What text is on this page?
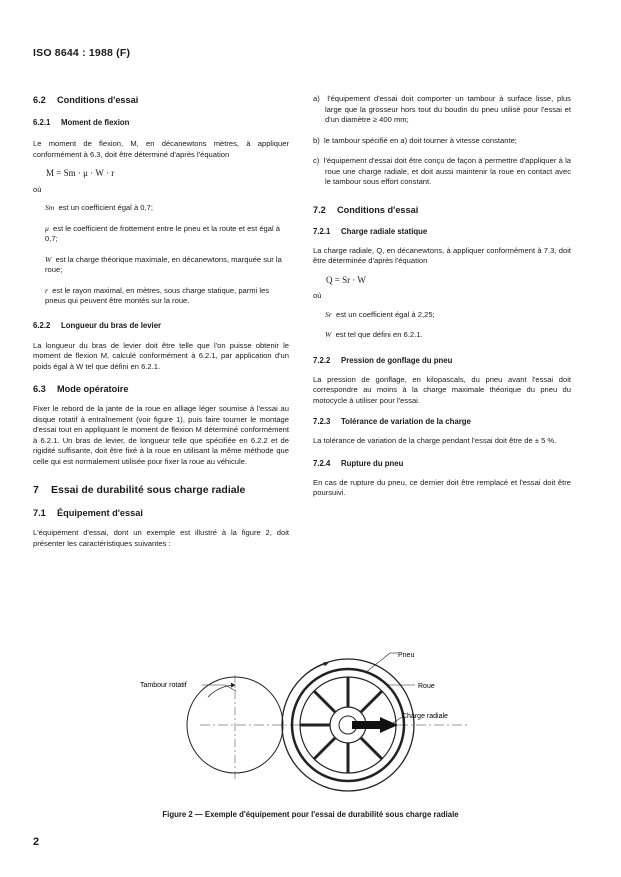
ISO 8644 : 1988 (F)
6.2 Conditions d'essai
6.2.1 Moment de flexion

Le moment de flexion, M, en décanewtons mètres, à appliquer conformément à 6.3, doit être déterminé d'après l'équation

M = Sm · μ · W · r
où
Sm est un coefficient égal à 0,7;
μ est le coefficient de frottement entre le pneu et la route et est égal à 0,7;
W est la charge théorique maximale, en décanewtons, marquée sur la roue;
r est le rayon maximal, en mètres, sous charge statique, parmi les pneus qui peuvent être montés sur la roue.
6.2.2 Longueur du bras de levier

La longueur du bras de levier doit être telle que l'on puisse obtenir le moment de flexion M, calculé conformément à 6.2.1, par application d'un poids égal à W tel que défini en 6.2.1.

6.3 Mode opératoire

Fixer le rebord de la jante de la roue en alliage léger soumise à l'essai au disque rotatif à entraînement (voir figure 1), puis faire tourner le montage d'essai tout en appliquant le moment de flexion M déterminé conformément à 6.2.1. Un bras de levier, de longueur telle que spécifiée en 6.2.2 et de rigidité suffisante, doit être fixé à la roue en utilisant la même méthode que celle qui est normalement utilisée pour fixer la roue au véhicule.

7 Essai de durabilité sous charge radiale
7.1 Équipement d'essai

L'équipement d'essai, dont un exemple est illustré à la figure 2, doit présenter les caractéristiques suivantes :

a) l'équipement d'essai doit comporter un tambour à surface lisse, plus large que la grosseur hors tout du boudin du pneu utilisé pour l'essai et d'un diamètre ≥ 400 mm;
b) le tambour spécifié en a) doit tourner à vitesse constante;
c) l'équipement d'essai doit être conçu de façon à permettre d'appliquer à la roue une charge radiale, et doit aussi maintenir la roue en contact avec le tambour sous effort constant.
7.2 Conditions d'essai
7.2.1 Charge radiale statique

La charge radiale, Q, en décanewtons, à appliquer conformément à 7.3, doit être déterminée d'après l'équation

Q = Sr · W
où
Sr est un coefficient égal à 2,25;
W est tel que défini en 6.2.1.
7.2.2 Pression de gonflage du pneu

La pression de gonflage, en kilopascals, du pneu avant l'essai doit correspondre au moins à la charge maximale théorique du pneu du motocycle à utiliser pour l'essai.

7.2.3 Tolérance de variation de la charge

La tolérance de variation de la charge pendant l'essai doit être de ± 5 %.

7.2.4 Rupture du pneu

En cas de rupture du pneu, ce dernier doit être remplacé et l'essai doit être poursuivi.

Pneu
Tambour rotatif	Roue
Charge radiale
Figure 2 — Exemple d'équipement pour l'essai de durabilité sous charge radiale
2
